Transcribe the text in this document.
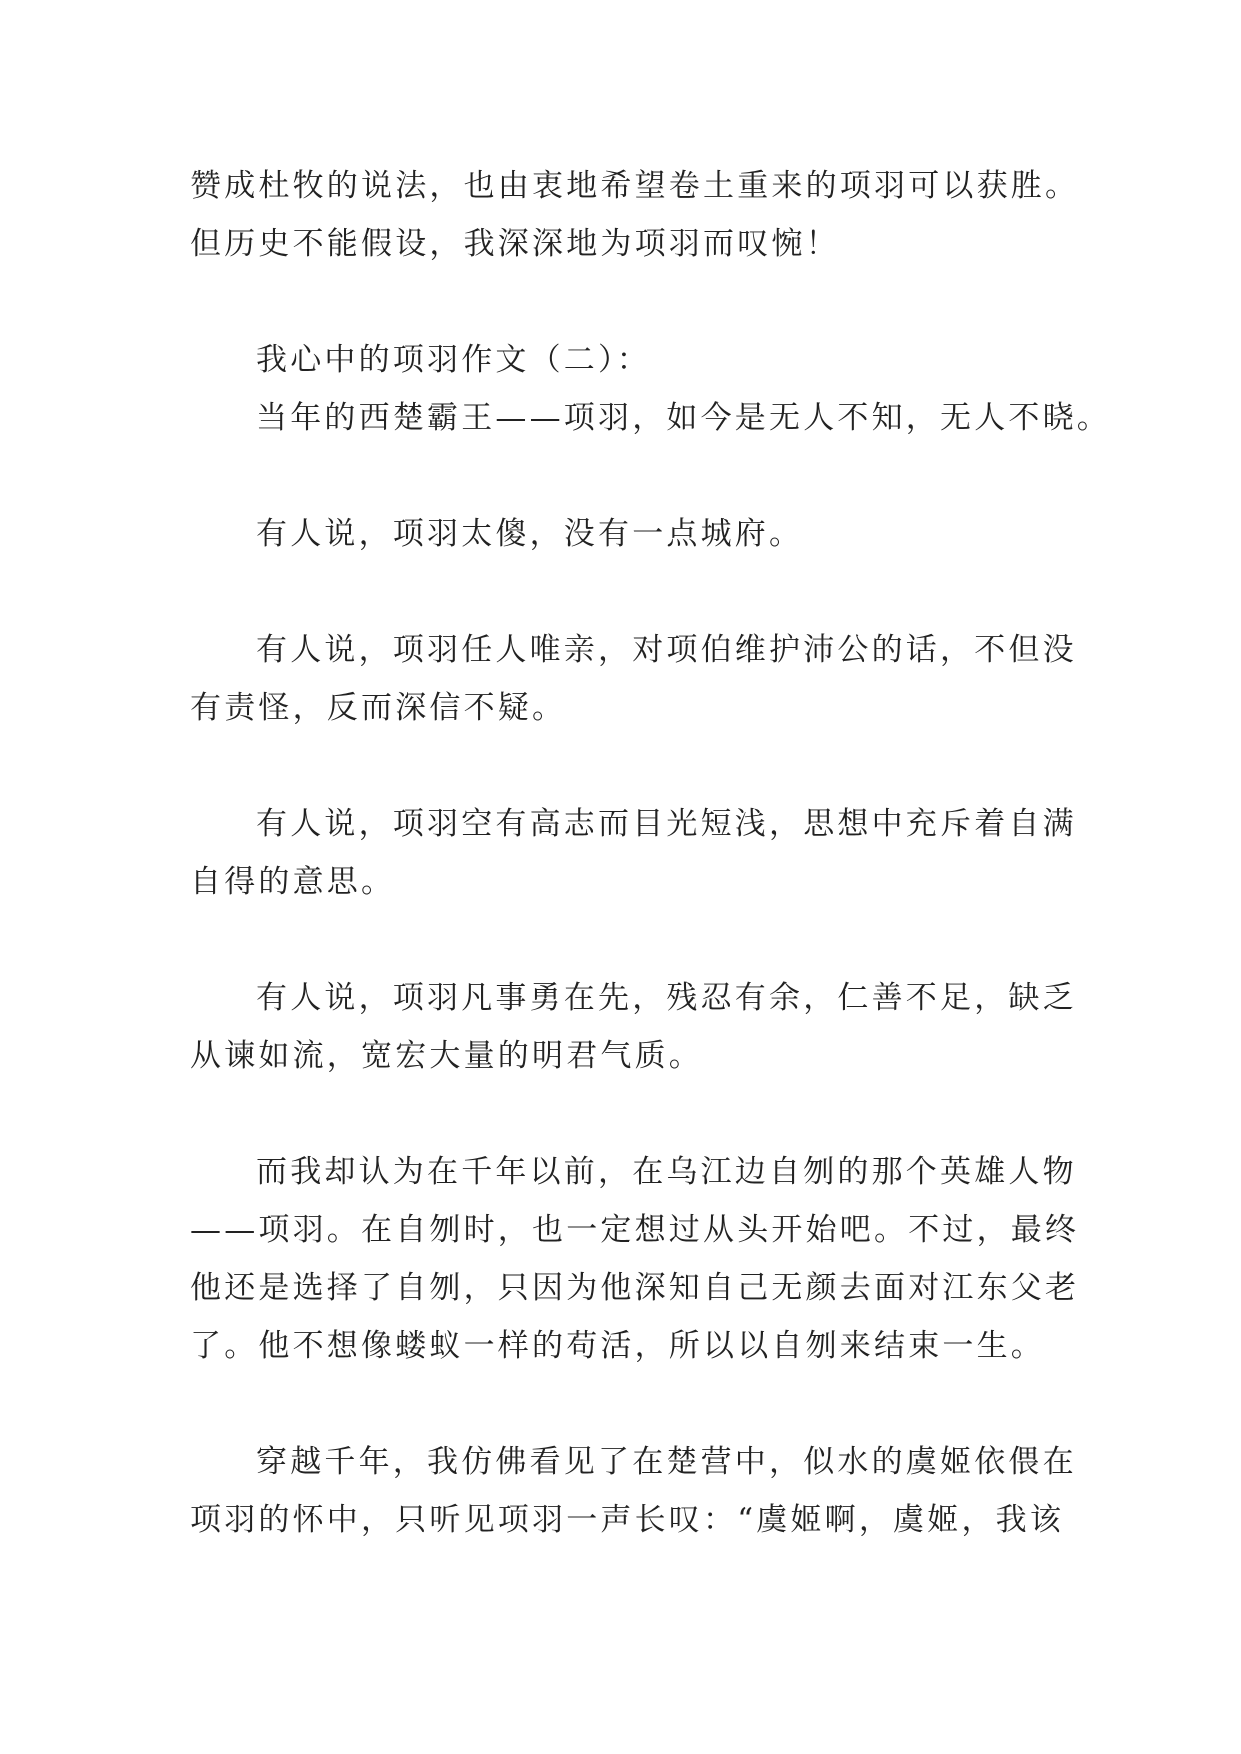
赞成杜牧的说法，也由衷地希望卷土重来的项羽可以获胜。
但历史不能假设，我深深地为项羽而叹惋！
我心中的项羽作文（二）：
当年的西楚霸王——项羽，如今是无人不知，无人不晓。
有人说，项羽太傻，没有一点城府。
有人说，项羽任人唯亲，对项伯维护沛公的话，不但没
有责怪，反而深信不疑。
有人说，项羽空有高志而目光短浅，思想中充斥着自满
自得的意思。
有人说，项羽凡事勇在先，残忍有余，仁善不足，缺乏
从谏如流，宽宏大量的明君气质。
而我却认为在千年以前，在乌江边自刎的那个英雄人物
——项羽。在自刎时，也一定想过从头开始吧。不过，最终
他还是选择了自刎，只因为他深知自己无颜去面对江东父老
了。他不想像蝼蚁一样的苟活，所以以自刎来结束一生。
穿越千年，我仿佛看见了在楚营中，似水的虞姬依偎在
项羽的怀中，只听见项羽一声长叹：“虞姬啊，虞姬，我该
